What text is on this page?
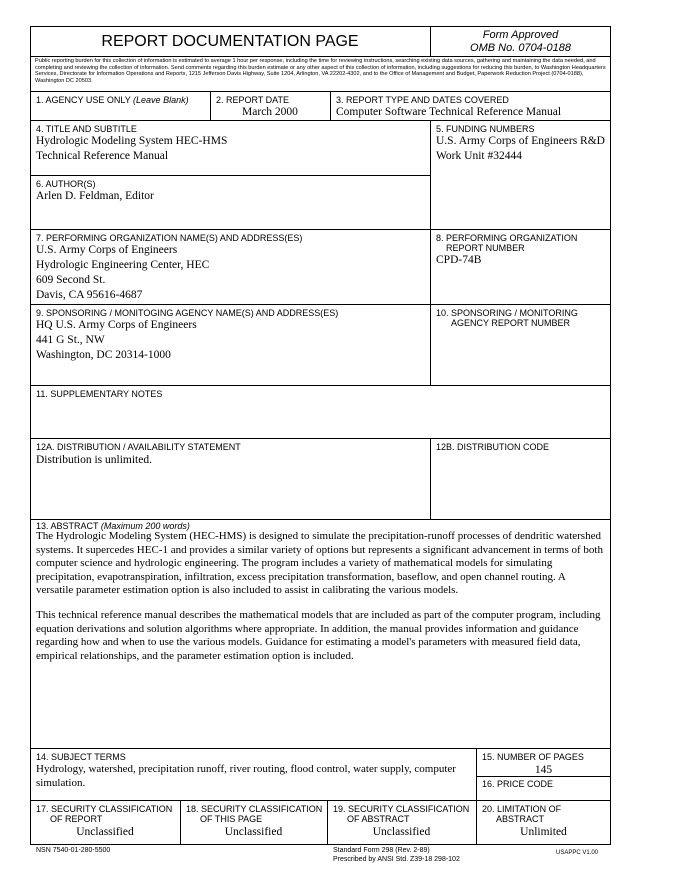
REPORT DOCUMENTATION PAGE	Form Approved
OMB No. 0704-0188
Public reporting burden for this collection of information is estimated to average 1 hour per response, including the time for reviewing instructions, searching existing data sources, gathering and maintaining the data needed, and completing and reviewing the collection of information. Send comments regarding this burden estimate or any other aspect of this collection of information, including suggestions for reducing this burden, to Washington Headquarters Services, Directorate for Information Operations and Reports, 1215 Jefferson Davis Highway, Suite 1204, Arlington, VA 22202-4302, and to the Office of Management and Budget, Paperwork Reduction Project (0704-0188), Washington DC 20503.
1. AGENCY USE ONLY (Leave Blank)	2. REPORT DATE
March 2000
3. REPORT TYPE AND DATES COVERED
Computer Software Technical Reference Manual
4. TITLE AND SUBTITLE
Hydrologic Modeling System HEC-HMS
Technical Reference Manual
5. FUNDING NUMBERS
U.S. Army Corps of Engineers R&D
Work Unit #32444
6. AUTHOR(S)
Arlen D. Feldman, Editor
7. PERFORMING ORGANIZATION NAME(S) AND ADDRESS(ES)
U.S. Army Corps of Engineers
Hydrologic Engineering Center, HEC
609 Second St.
Davis, CA 95616-4687
8. PERFORMING ORGANIZATION
REPORT NUMBER
CPD-74B
9. SPONSORING / MONITOGING AGENCY NAME(S) AND ADDRESS(ES)
HQ U.S. Army Corps of Engineers
441 G St., NW
Washington, DC 20314-1000
10. SPONSORING / MONITORING
AGENCY REPORT NUMBER
11. SUPPLEMENTARY NOTES
12A. DISTRIBUTION / AVAILABILITY STATEMENT
Distribution is unlimited.
12B. DISTRIBUTION CODE
13. ABSTRACT (Maximum 200 words)
The Hydrologic Modeling System (HEC-HMS) is designed to simulate the precipitation-runoff processes of dendritic watershed systems. It supercedes HEC-1 and provides a similar variety of options but represents a significant advancement in terms of both computer science and hydrologic engineering. The program includes a variety of mathematical models for simulating precipitation, evapotranspiration, infiltration, excess precipitation transformation, baseflow, and open channel routing. A versatile parameter estimation option is also included to assist in calibrating the various models.
This technical reference manual describes the mathematical models that are included as part of the computer program, including equation derivations and solution algorithms where appropriate. In addition, the manual provides information and guidance regarding how and when to use the various models. Guidance for estimating a model's parameters with measured field data, empirical relationships, and the parameter estimation option is included.
14. SUBJECT TERMS
Hydrology, watershed, precipitation runoff, river routing, flood control, water supply, computer simulation.
15. NUMBER OF PAGES
145
16. PRICE CODE
17. SECURITY CLASSIFICATION
OF REPORT
Unclassified
18. SECURITY CLASSIFICATION
OF THIS PAGE
Unclassified
19. SECURITY CLASSIFICATION
OF ABSTRACT
Unclassified
20. LIMITATION OF
ABSTRACT
Unlimited
NSN 7540-01-280-5500	Standard Form 298 (Rev. 2-89)
Prescribed by ANSI Std. Z39-18 298-102
USAPPC V1.00
